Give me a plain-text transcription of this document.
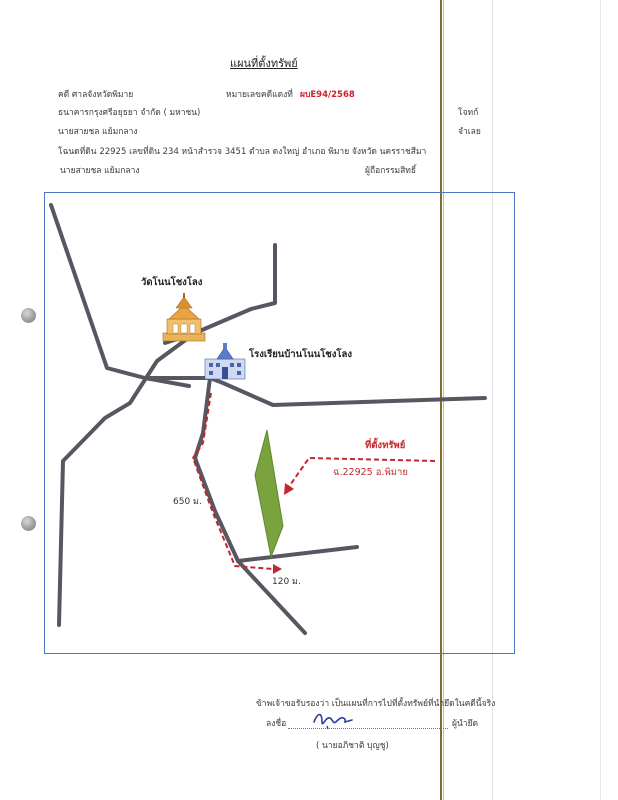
แผนที่ตั้งทรัพย์
คดี ศาลจังหวัดพิมาย	หมายเลขคดีแดงที่ ผบE94/2568
ธนาคารกรุงศรีอยุธยา จำกัด ( มหาชน)	โจทก์
นายสายชล แย้มกลาง	จำเลย
โฉนดที่ดิน 22925 เลขที่ดิน 234 หน้าสำรวจ 3451 ตำบล ดงใหญ่ อำเภอ พิมาย จังหวัด นครราชสีมา
นายสายชล แย้มกลาง	ผู้ถือกรรมสิทธิ์
วัดโนนโชงโลง
โรงเรียนบ้านโนนโชงโลง
ที่ตั้งทรัพย์
ฉ.22925 อ.พิมาย
650 ม.
120 ม.
ข้าพเจ้าขอรับรองว่า เป็นแผนที่การไปที่ตั้งทรัพย์ที่นำยึดในคดีนี้จริง
ลงชื่อ	ผู้นำยึด
( นายอภิชาติ บุญชู)
